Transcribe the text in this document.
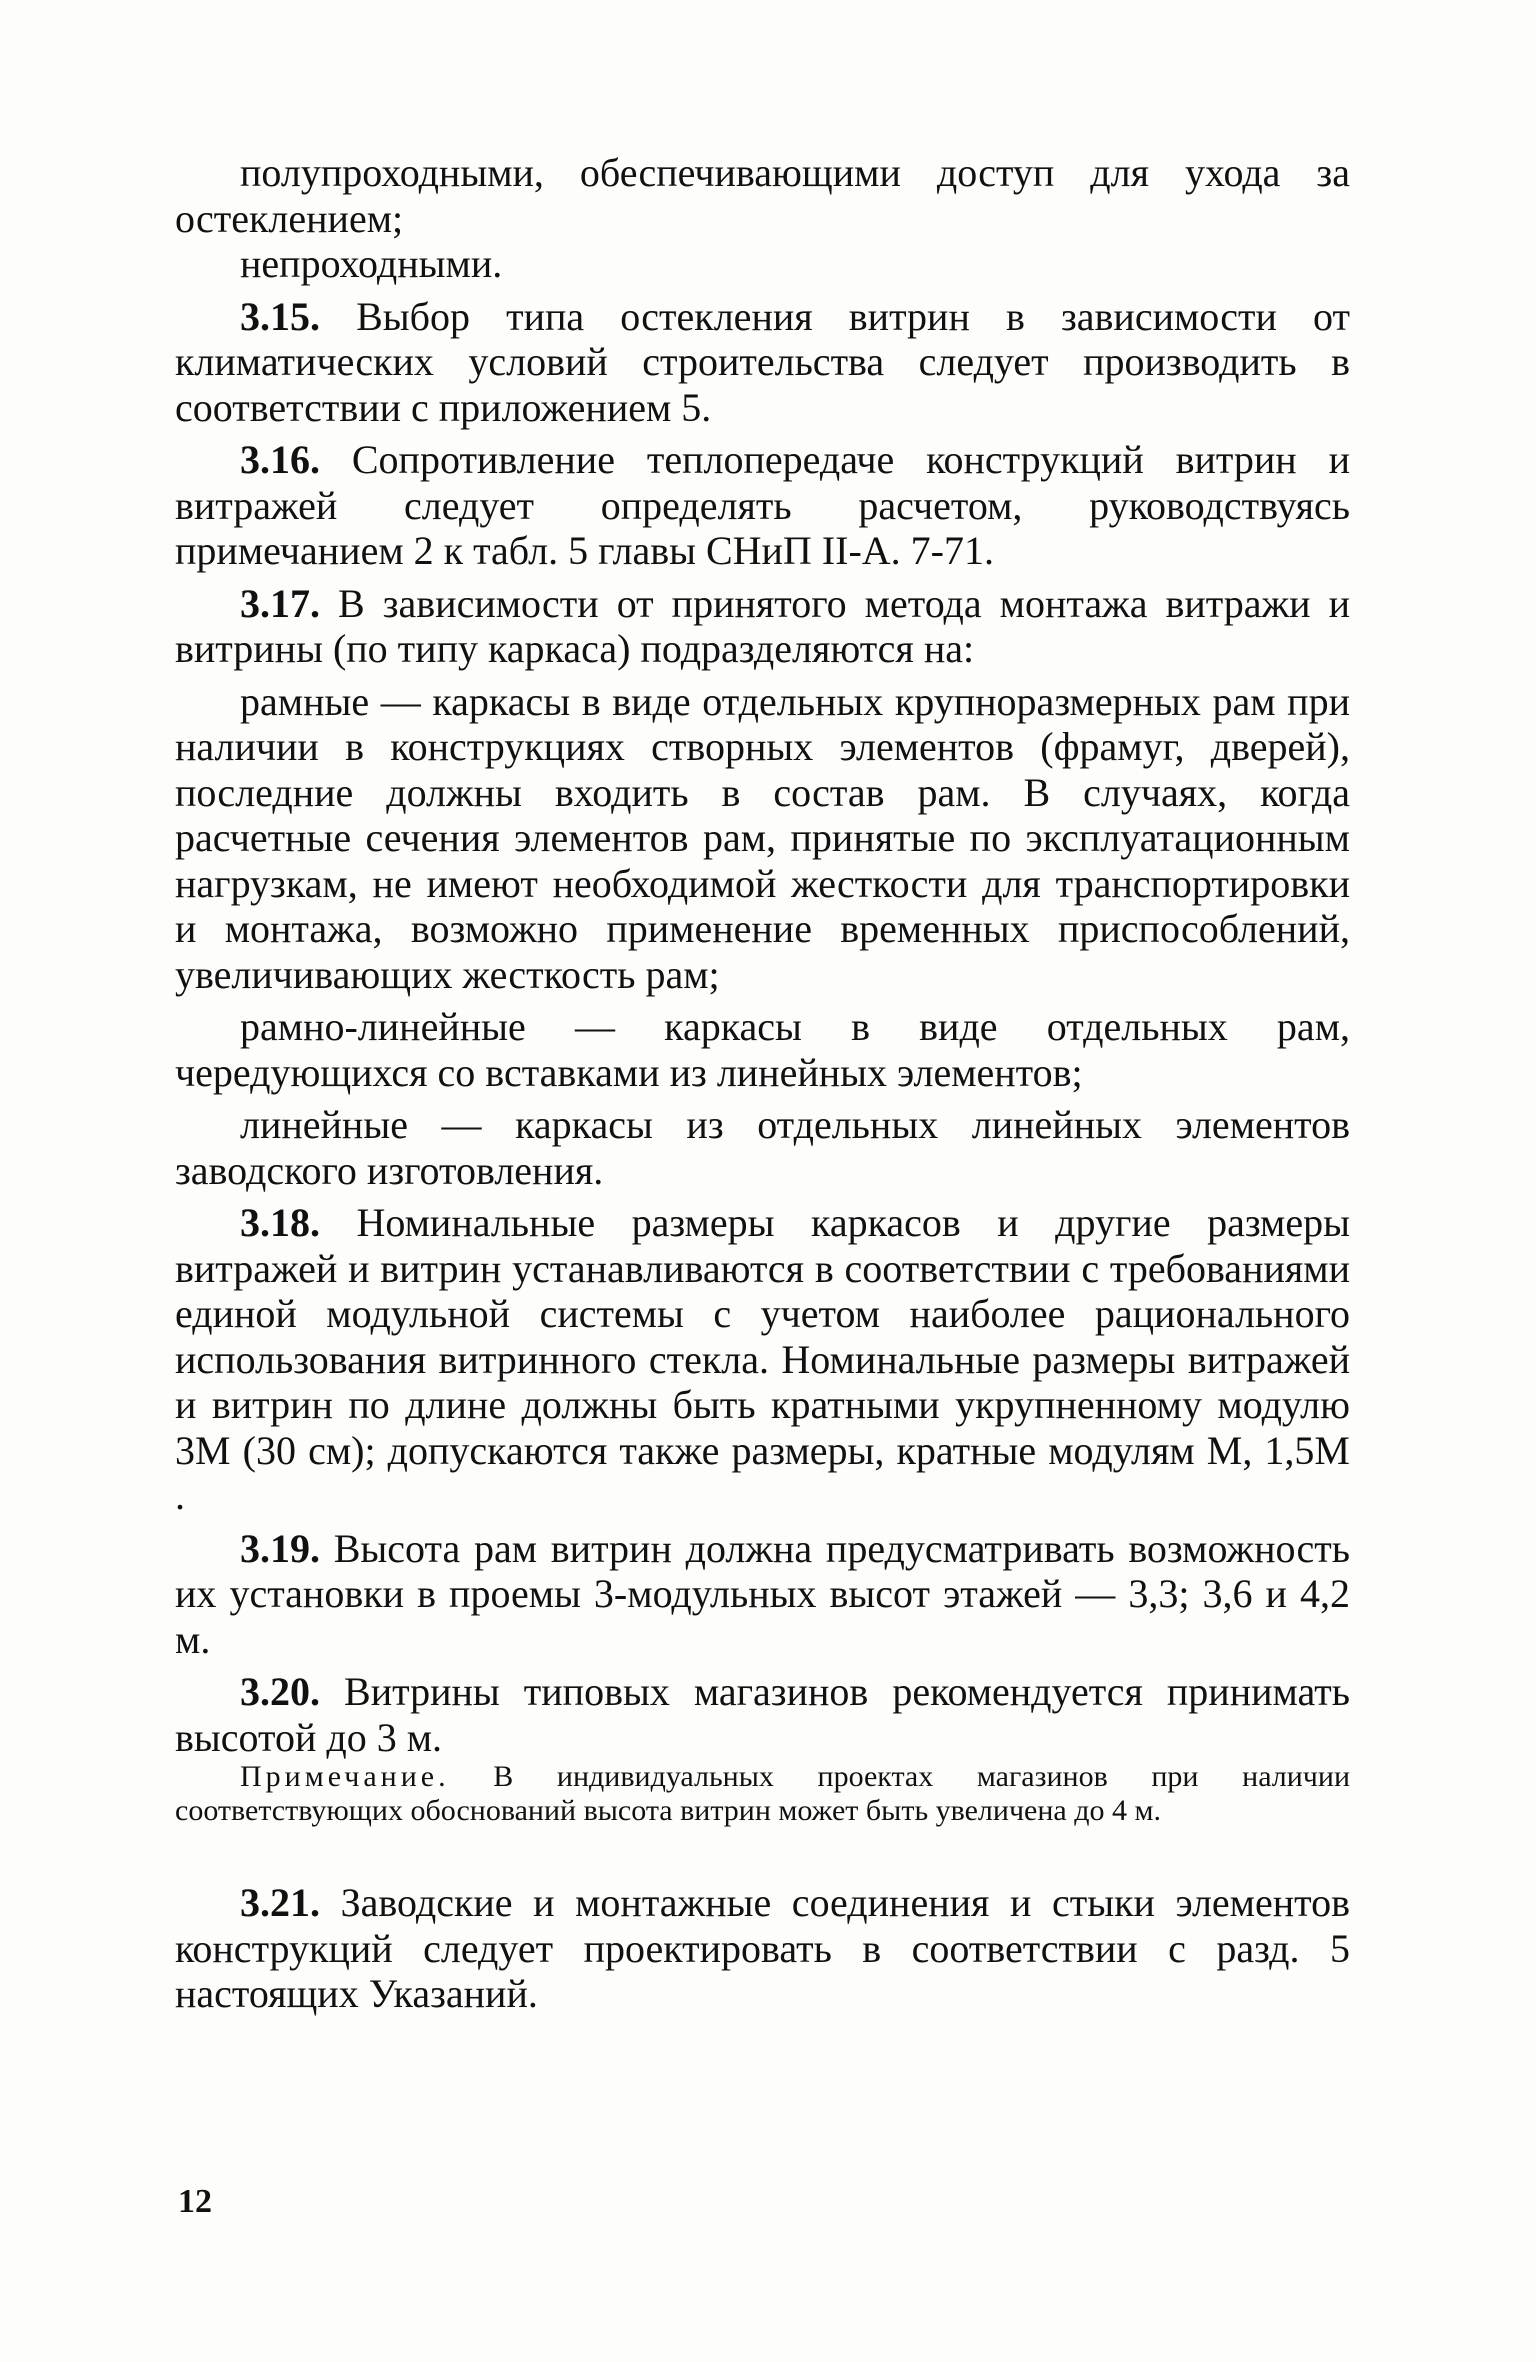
полупроходными, обеспечивающими доступ для ухода за остеклением;

непроходными.

3.15. Выбор типа остекления витрин в зависимости от климатических условий строительства следует производить в соответствии с приложением 5.

3.16. Сопротивление теплопередаче конструкций витрин и витражей следует определять расчетом, руководствуясь примечанием 2 к табл. 5 главы СНиП II-А. 7-71.

3.17. В зависимости от принятого метода монтажа витражи и витрины (по типу каркаса) подразделяются на:

рамные — каркасы в виде отдельных крупноразмерных рам при наличии в конструкциях створных элементов (фрамуг, дверей), последние должны входить в состав рам. В случаях, когда расчетные сечения элементов рам, принятые по эксплуатационным нагрузкам, не имеют необходимой жесткости для транспортировки и монтажа, возможно применение временных приспособлений, увеличивающих жесткость рам;

рамно-линейные — каркасы в виде отдельных рам, чередующихся со вставками из линейных элементов;

линейные — каркасы из отдельных линейных элементов заводского изготовления.

3.18. Номинальные размеры каркасов и другие размеры витражей и витрин устанавливаются в соответствии с требованиями единой модульной системы с учетом наиболее рационального использования витринного стекла. Номинальные размеры витражей и витрин по длине должны быть кратными укрупненному модулю 3М (30 см); допускаются также размеры, кратные модулям М, 1,5М .

3.19. Высота рам витрин должна предусматривать возможность их установки в проемы 3-модульных высот этажей — 3,3; 3,6 и 4,2 м.

3.20. Витрины типовых магазинов рекомендуется принимать высотой до 3 м.

Примечание. В индивидуальных проектах магазинов при наличии соответствующих обоснований высота витрин может быть увеличена до 4 м.

3.21. Заводские и монтажные соединения и стыки элементов конструкций следует проектировать в соответствии с разд. 5 настоящих Указаний.

12
